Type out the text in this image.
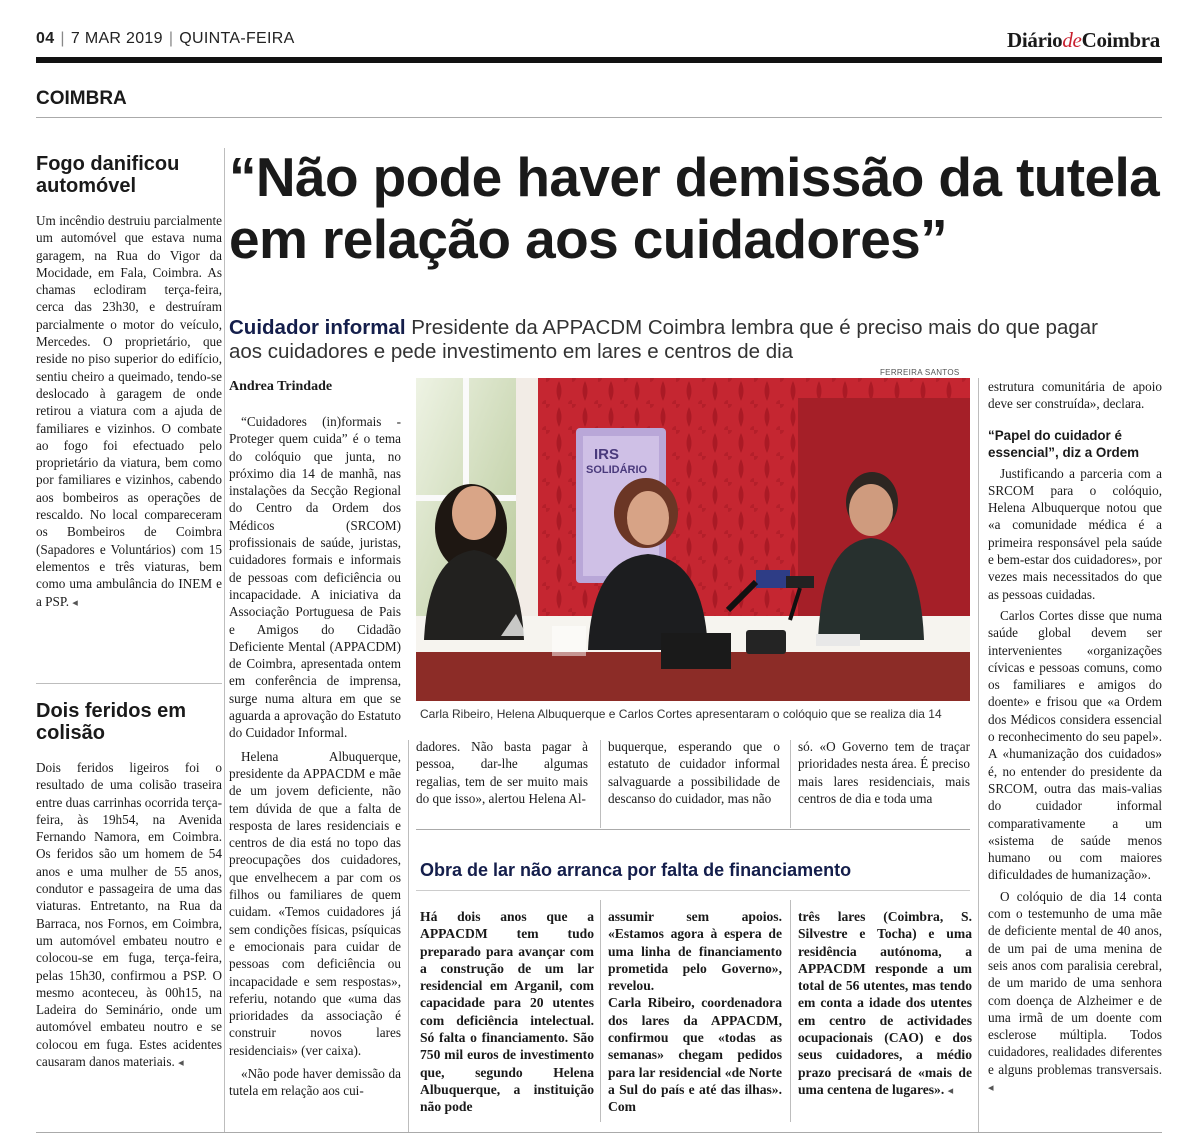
04 | 7 MAR 2019 | QUINTA-FEIRA	DiáriodeCoimbra
COIMBRA
Fogo danificou automóvel
Um incêndio destruiu parcialmente um automóvel que estava numa garagem, na Rua do Vigor da Mocidade, em Fala, Coimbra. As chamas eclodiram terça-feira, cerca das 23h30, e destruíram parcialmente o motor do veículo, Mercedes. O proprietário, que reside no piso superior do edifício, sentiu cheiro a queimado, tendo-se deslocado à garagem de onde retirou a viatura com a ajuda de familiares e vizinhos. O combate ao fogo foi efectuado pelo proprietário da viatura, bem como por familiares e vizinhos, cabendo aos bombeiros as operações de rescaldo. No local compareceram os Bombeiros de Coimbra (Sapadores e Voluntários) com 15 elementos e três viaturas, bem como uma ambulância do INEM e a PSP. ◂
Dois feridos em colisão
Dois feridos ligeiros foi o resultado de uma colisão traseira entre duas carrinhas ocorrida terça-feira, às 19h54, na Avenida Fernando Namora, em Coimbra. Os feridos são um homem de 54 anos e uma mulher de 55 anos, condutor e passageira de uma das viaturas. Entretanto, na Rua da Barraca, nos Fornos, em Coimbra, um automóvel embateu noutro e colocou-se em fuga, terça-feira, pelas 15h30, confirmou a PSP. O mesmo aconteceu, às 00h15, na Ladeira do Seminário, onde um automóvel embateu noutro e se colocou em fuga. Estes acidentes causaram danos materiais. ◂
“Não pode haver demissão da tutela em relação aos cuidadores”
Cuidador informal Presidente da APPACDM Coimbra lembra que é preciso mais do que pagar aos cuidadores e pede investimento em lares e centros de dia
Andrea Trindade
FERREIRA SANTOS
IRS
SOLIDÁRIO
Carla Ribeiro, Helena Albuquerque e Carlos Cortes apresentaram o colóquio que se realiza dia 14

“Cuidadores (in)formais - Proteger quem cuida” é o tema do colóquio que junta, no próximo dia 14 de manhã, nas instalações da Secção Regional do Centro da Ordem dos Médicos (SRCOM) profissionais de saúde, juristas, cuidadores formais e informais de pessoas com deficiência ou incapacidade. A iniciativa da Associação Portuguesa de Pais e Amigos do Cidadão Deficiente Mental (APPACDM) de Coimbra, apresentada ontem em conferência de imprensa, surge numa altura em que se aguarda a aprovação do Estatuto do Cuidador Informal.

Helena Albuquerque, presidente da APPACDM e mãe de um jovem deficiente, não tem dúvida de que a falta de resposta de lares residenciais e centros de dia está no topo das preocupações dos cuidadores, que envelhecem a par com os filhos ou familiares de quem cuidam. «Temos cuidadores já sem condições físicas, psíquicas e emocionais para cuidar de pessoas com deficiência ou incapacidade e sem respostas», referiu, notando que «uma das prioridades da associação é construir novos lares residenciais» (ver caixa).

«Não pode haver demissão da tutela em relação aos cui-

dadores. Não basta pagar à pessoa, dar-lhe algumas regalias, tem de ser muito mais do que isso», alertou Helena Al-
buquerque, esperando que o estatuto de cuidador informal salvaguarde a possibilidade de descanso do cuidador, mas não
só. «O Governo tem de traçar prioridades nesta área. É preciso mais lares residenciais, mais centros de dia e toda uma

estrutura comunitária de apoio deve ser construída», declara.

“Papel do cuidador é essencial”, diz a Ordem

Justificando a parceria com a SRCOM para o colóquio, Helena Albuquerque notou que «a comunidade médica é a primeira responsável pela saúde e bem-estar dos cuidadores», por vezes mais necessitados do que as pessoas cuidadas.

Carlos Cortes disse que numa saúde global devem ser intervenientes «organizações cívicas e pessoas comuns, como os familiares e amigos do doente» e frisou que «a Ordem dos Médicos considera essencial o reconhecimento do seu papel». A «humanização dos cuidados» é, no entender do presidente da SRCOM, outra das mais-valias do cuidador informal comparativamente a um «sistema de saúde menos humano ou com maiores dificuldades de humanização».

O colóquio de dia 14 conta com o testemunho de uma mãe de deficiente mental de 40 anos, de um pai de uma menina de seis anos com paralisia cerebral, de um marido de uma senhora com doença de Alzheimer e de uma irmã de um doente com esclerose múltipla. Todos cuidadores, realidades diferentes e alguns problemas transversais. ◂

Obra de lar não arranca por falta de financiamento
Há dois anos que a APPACDM tem tudo preparado para avançar com a construção de um lar residencial em Arganil, com capacidade para 20 utentes com deficiência intelectual. Só falta o financiamento. São 750 mil euros de investimento que, segundo Helena Albuquerque, a instituição não pode

assumir sem apoios. «Estamos agora à espera de uma linha de financiamento prometida pelo Governo», revelou.

Carla Ribeiro, coordenadora dos lares da APPACDM, confirmou que «todas as semanas» chegam pedidos para lar residencial «de Norte a Sul do país e até das ilhas». Com

três lares (Coimbra, S. Silvestre e Tocha) e uma residência autónoma, a APPACDM responde a um total de 56 utentes, mas tendo em conta a idade dos utentes em centro de actividades ocupacionais (CAO) e dos seus cuidadores, a médio prazo precisará de «mais de uma centena de lugares». ◂
